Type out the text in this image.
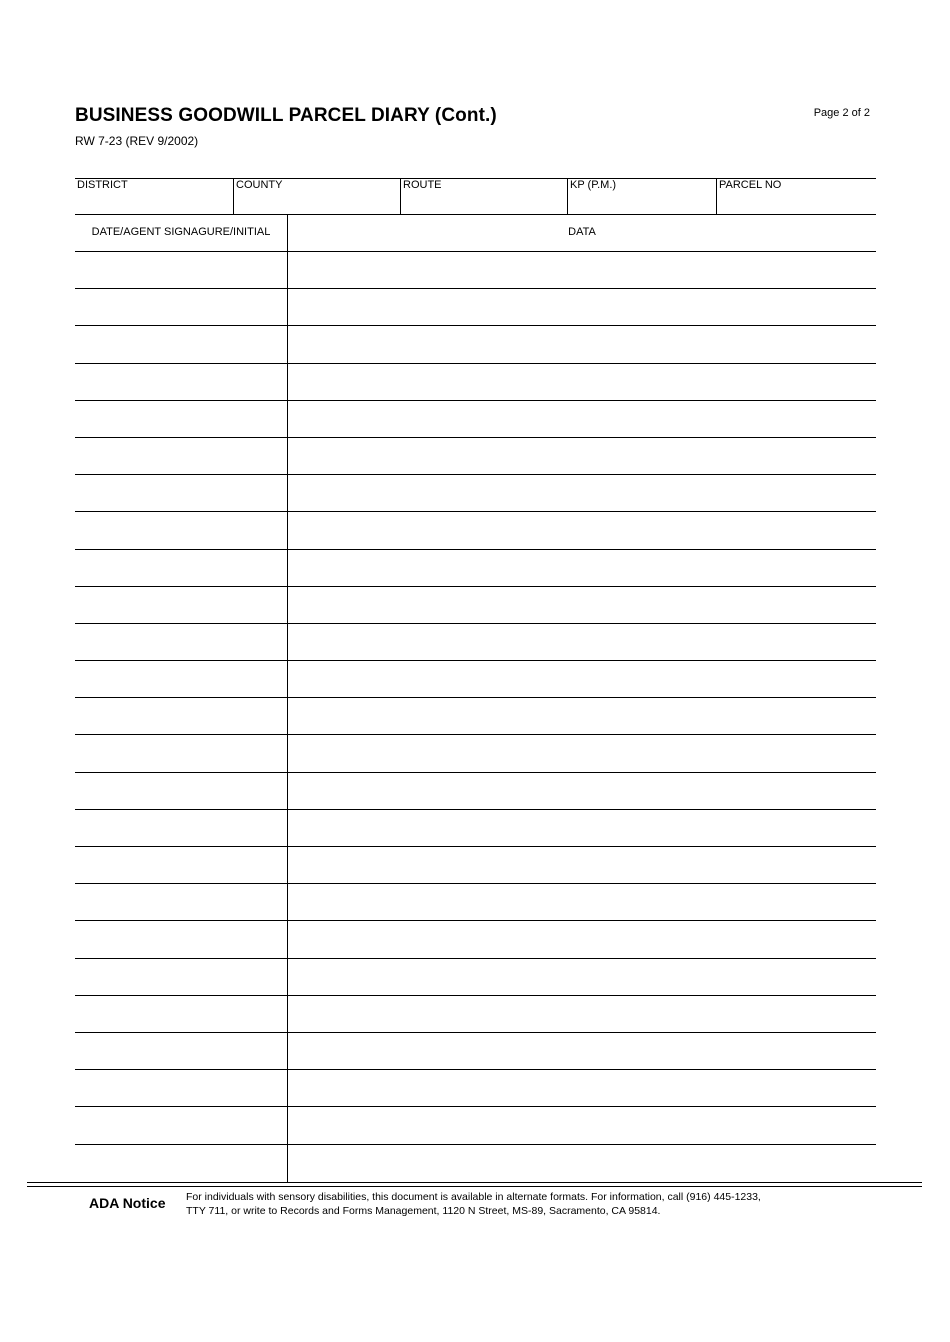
BUSINESS GOODWILL PARCEL DIARY (Cont.)
RW 7-23 (REV 9/2002)
Page 2 of 2
DISTRICT	COUNTY	ROUTE	KP (P.M.)	PARCEL NO
DATE/AGENT SIGNAGURE/INITIAL	DATA
ADA Notice For individuals with sensory disabilities, this document is available in alternate formats. For information, call (916) 445-1233,
TTY 711, or write to Records and Forms Management, 1120 N Street, MS-89, Sacramento, CA 95814.
